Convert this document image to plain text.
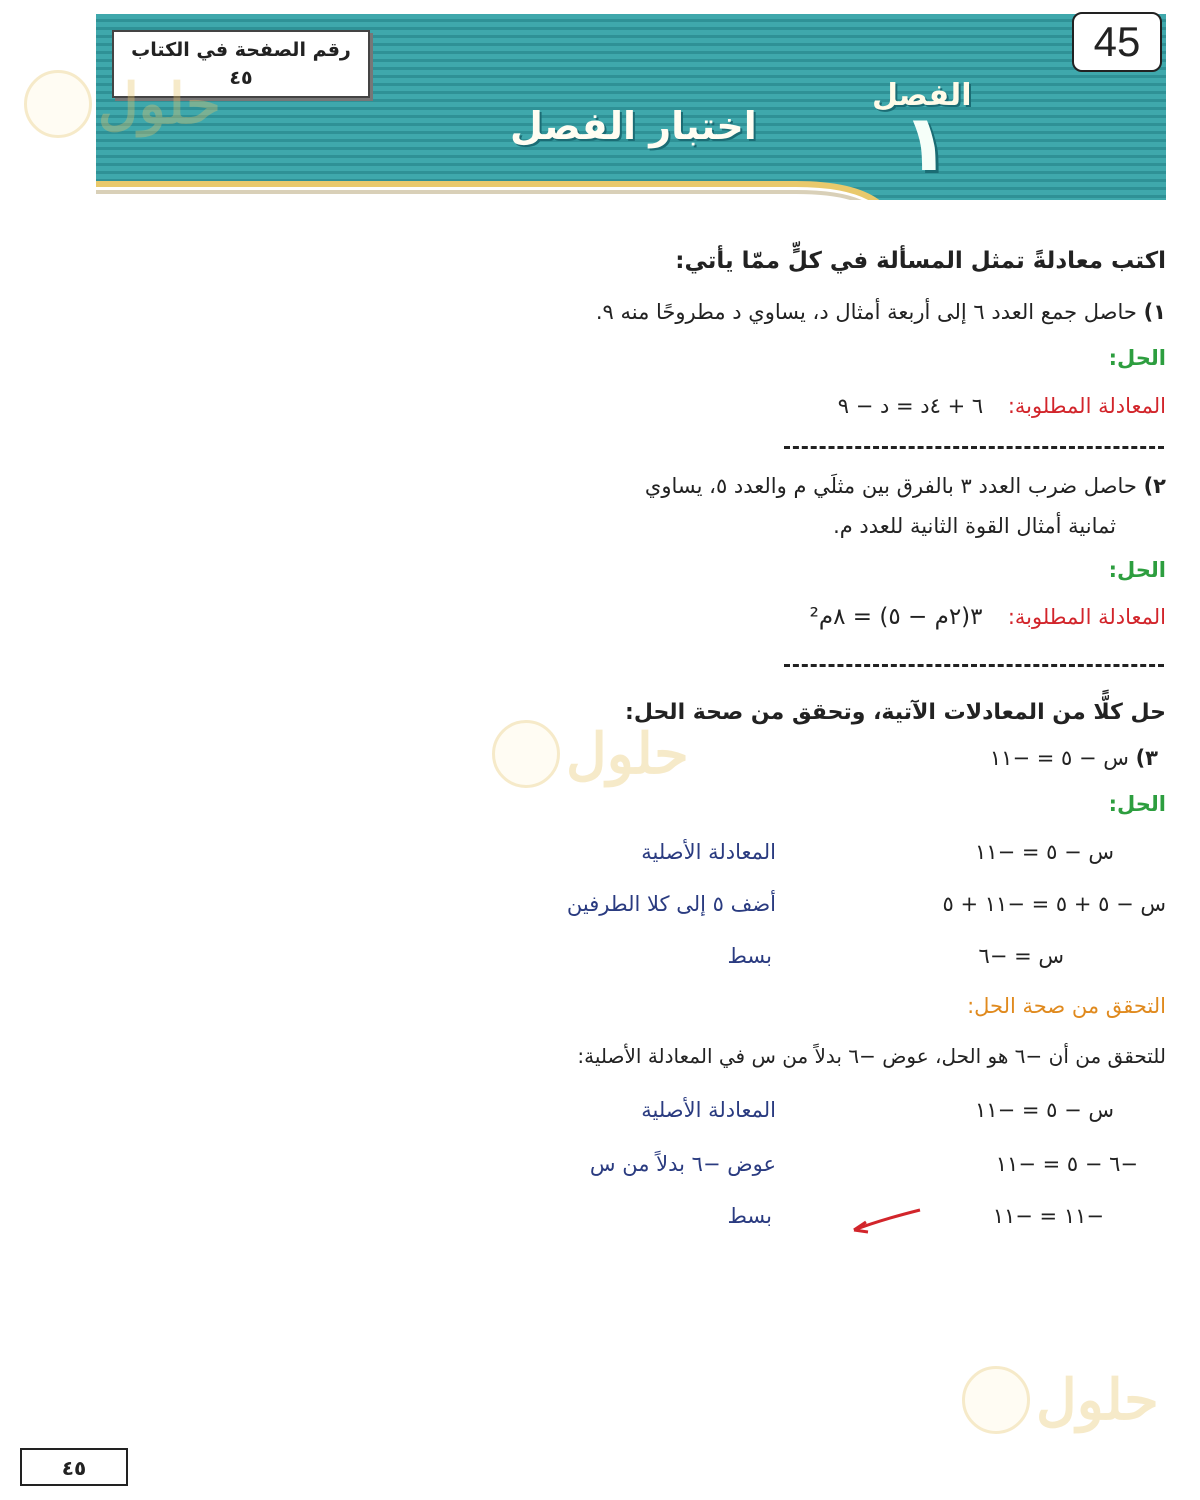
45
رقم الصفحة في الكتاب
٤٥	الفصل
١
اختبار الفصل
حلول
اكتب معادلةً تمثل المسألة في كلٍّ ممّا يأتي:
١) حاصل جمع العدد ٦ إلى أربعة أمثال د، يساوي د مطروحًا منه ٩.
الحل:
المعادلة المطلوبة: ٦ + ٤د = د − ٩
٢) حاصل ضرب العدد ٣ بالفرق بين مثلَي م والعدد ٥، يساوي
ثمانية أمثال القوة الثانية للعدد م.
الحل:
المعادلة المطلوبة: ٣(٢م − ٥) = ٨م²
حلول
حل كلًّا من المعادلات الآتية، وتحقق من صحة الحل:
٣) س − ٥ = −١١
الحل:
س − ٥ = −١١
المعادلة الأصلية
س − ٥ + ٥ = −١١ + ٥
أضف ٥ إلى كلا الطرفين
س = −٦
بسط
التحقق من صحة الحل:
للتحقق من أن −٦ هو الحل، عوض −٦ بدلاً من س في المعادلة الأصلية:
س − ٥ = −١١
المعادلة الأصلية
−٦ − ٥ = −١١
عوض −٦ بدلاً من س
−١١ = −١١
بسط
حلول
٤٥
